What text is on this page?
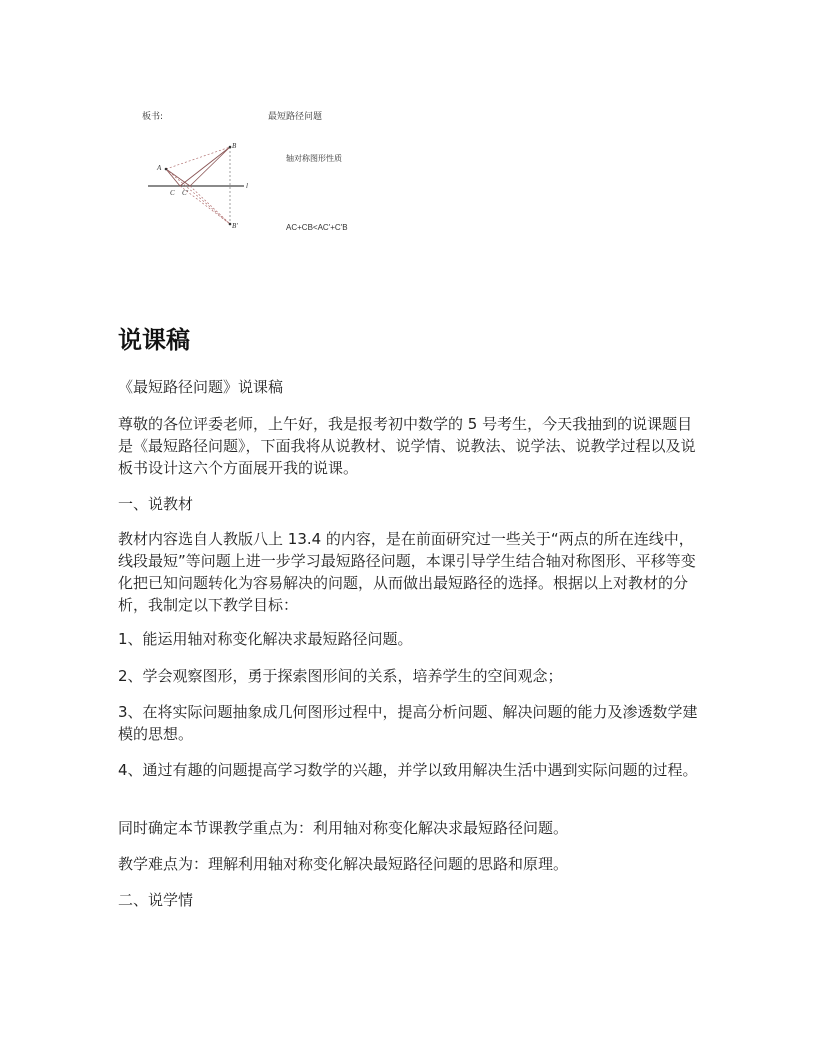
板书:	最短路径问题
A
B
C C'
B'
l
轴对称图形性质
AC+CB<AC'+C'B
说课稿

《最短路径问题》说课稿

尊敬的各位评委老师，上午好，我是报考初中数学的 5 号考生，今天我抽到的说课题目是《最短路径问题》，下面我将从说教材、说学情、说教法、说学法、说教学过程以及说板书设计这六个方面展开我的说课。

一、说教材

教材内容选自人教版八上 13.4 的内容，是在前面研究过一些关于“两点的所在连线中，线段最短”等问题上进一步学习最短路径问题，本课引导学生结合轴对称图形、平移等变化把已知问题转化为容易解决的问题，从而做出最短路径的选择。根据以上对教材的分析，我制定以下教学目标：

1、能运用轴对称变化解决求最短路径问题。

2、学会观察图形，勇于探索图形间的关系，培养学生的空间观念；

3、在将实际问题抽象成几何图形过程中，提高分析问题、解决问题的能力及渗透数学建模的思想。

4、通过有趣的问题提高学习数学的兴趣，并学以致用解决生活中遇到实际问题的过程。

同时确定本节课教学重点为：利用轴对称变化解决求最短路径问题。

教学难点为：理解利用轴对称变化解决最短路径问题的思路和原理。

二、说学情
